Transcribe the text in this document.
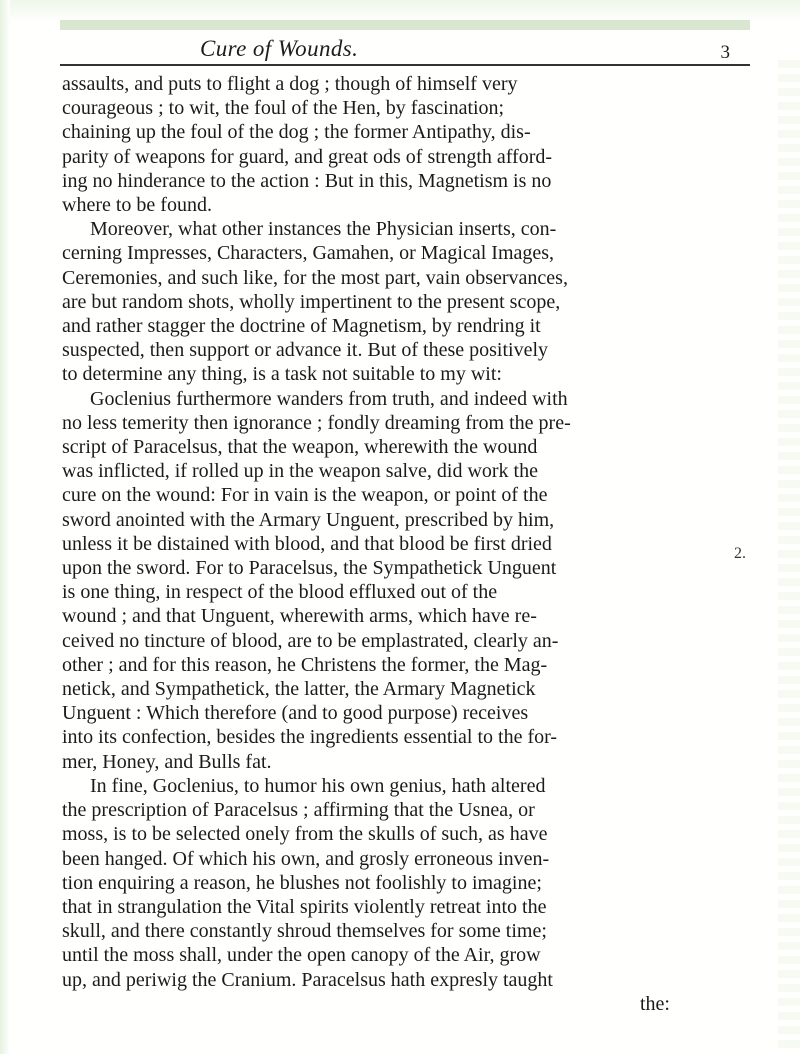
Cure of Wounds.	3
assaults, and puts to flight a dog ; though of himself very
courageous ; to wit, the foul of the Hen, by fascination;
chaining up the foul of the dog ; the former Antipathy, dis-
parity of weapons for guard, and great ods of strength afford-
ing no hinderance to the action : But in this, Magnetism is no
where to be found.
Moreover, what other instances the Physician inserts, con-
cerning Impresses, Characters, Gamahen, or Magical Images,
Ceremonies, and such like, for the most part, vain observances,
are but random shots, wholly impertinent to the present scope,
and rather stagger the doctrine of Magnetism, by rendring it
suspected, then support or advance it. But of these positively
to determine any thing, is a task not suitable to my wit:
Goclenius furthermore wanders from truth, and indeed with
no less temerity then ignorance ; fondly dreaming from the pre-
script of Paracelsus, that the weapon, wherewith the wound
was inflicted, if rolled up in the weapon salve, did work the
cure on the wound: For in vain is the weapon, or point of the
sword anointed with the Armary Unguent, prescribed by him,
unless it be distained with blood, and that blood be first dried
upon the sword. For to Paracelsus, the Sympathetick Unguent
is one thing, in respect of the blood effluxed out of the
wound ; and that Unguent, wherewith arms, which have re-
ceived no tincture of blood, are to be emplastrated, clearly an-
other ; and for this reason, he Christens the former, the Mag-
netick, and Sympathetick, the latter, the Armary Magnetick
Unguent : Which therefore (and to good purpose) receives
into its confection, besides the ingredients essential to the for-
mer, Honey, and Bulls fat.
In fine, Goclenius, to humor his own genius, hath altered
the prescription of Paracelsus ; affirming that the Usnea, or
moss, is to be selected onely from the skulls of such, as have
been hanged. Of which his own, and grosly erroneous inven-
tion enquiring a reason, he blushes not foolishly to imagine;
that in strangulation the Vital spirits violently retreat into the
skull, and there constantly shroud themselves for some time;
until the moss shall, under the open canopy of the Air, grow
up, and periwig the Cranium. Paracelsus hath expresly taught
the:
2.
